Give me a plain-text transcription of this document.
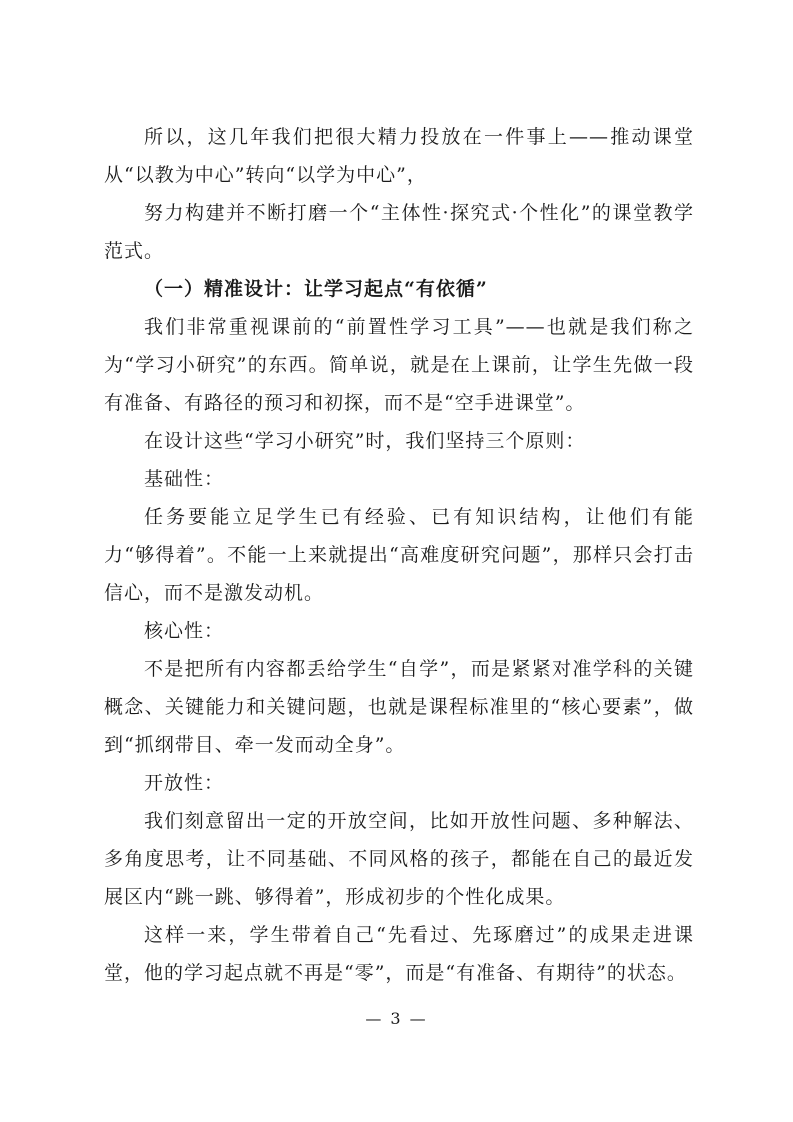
所以，这几年我们把很大精力投放在一件事上——推动课堂从“以教为中心”转向“以学为中心”，

努力构建并不断打磨一个“主体性·探究式·个性化”的课堂教学范式。

（一）精准设计：让学习起点“有依循”

我们非常重视课前的“前置性学习工具”——也就是我们称之为“学习小研究”的东西。简单说，就是在上课前，让学生先做一段有准备、有路径的预习和初探，而不是“空手进课堂”。

在设计这些“学习小研究”时，我们坚持三个原则：

基础性：

任务要能立足学生已有经验、已有知识结构，让他们有能力“够得着”。不能一上来就提出“高难度研究问题”，那样只会打击信心，而不是激发动机。

核心性：

不是把所有内容都丢给学生“自学”，而是紧紧对准学科的关键概念、关键能力和关键问题，也就是课程标准里的“核心要素”，做到“抓纲带目、牵一发而动全身”。

开放性：

我们刻意留出一定的开放空间，比如开放性问题、多种解法、多角度思考，让不同基础、不同风格的孩子，都能在自己的最近发展区内“跳一跳、够得着”，形成初步的个性化成果。

这样一来，学生带着自己“先看过、先琢磨过”的成果走进课堂，他的学习起点就不再是“零”，而是“有准备、有期待”的状态。

— 3 —
